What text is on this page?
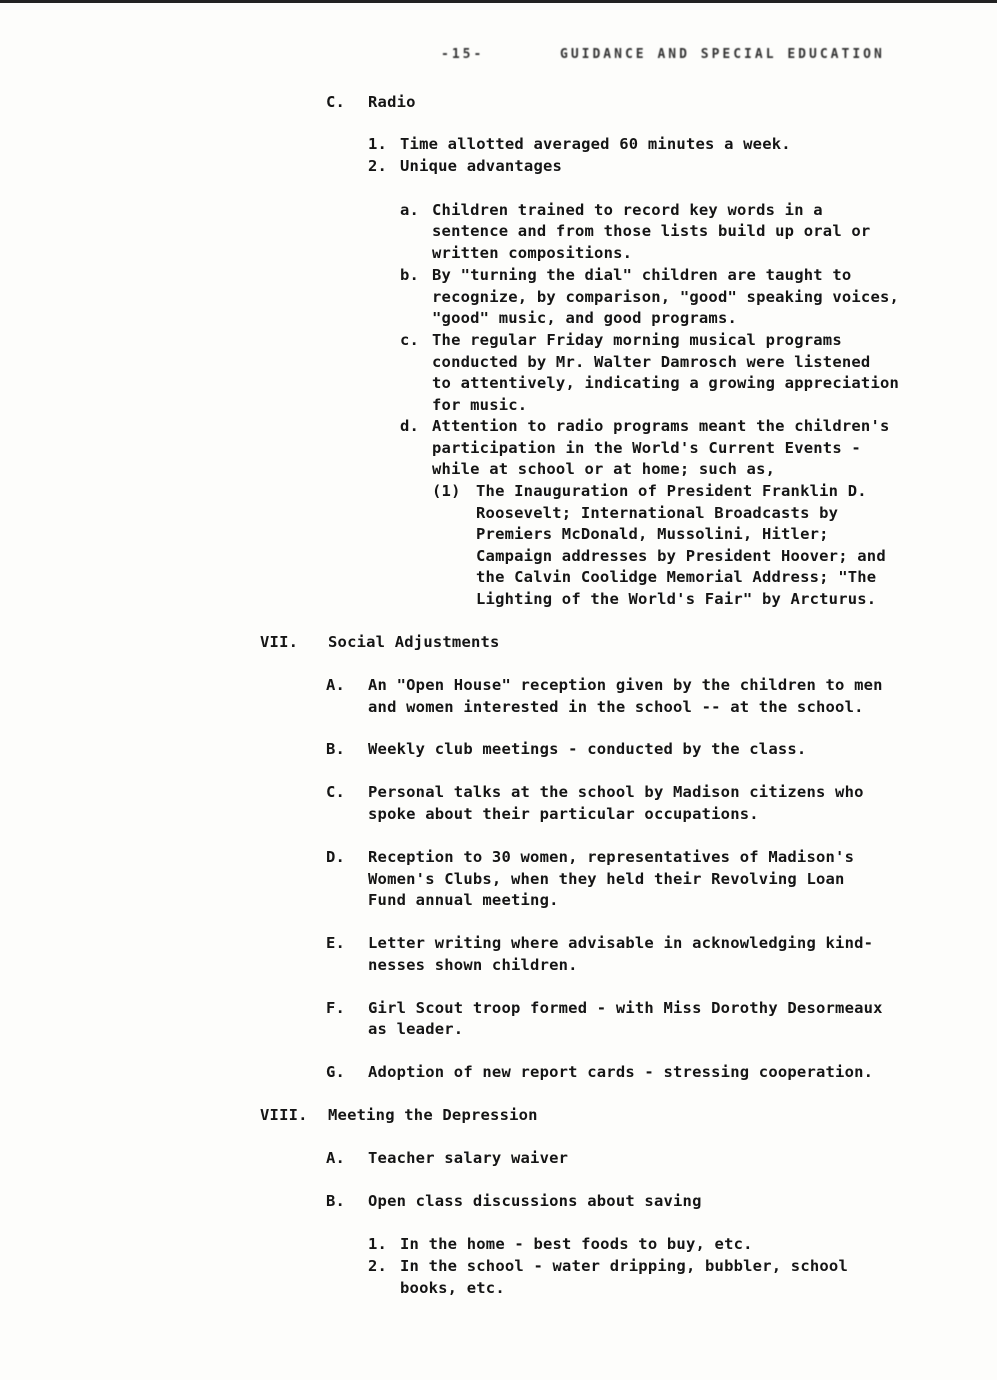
-15-	GUIDANCE AND SPECIAL EDUCATION
C. Radio
1. Time allotted averaged 60 minutes a week.
2. Unique advantages
a. Children trained to record key words in a
sentence and from those lists build up oral or
written compositions.
b. By "turning the dial" children are taught to
recognize, by comparison, "good" speaking voices,
"good" music, and good programs.
c. The regular Friday morning musical programs
conducted by Mr. Walter Damrosch were listened
to attentively, indicating a growing appreciation
for music.
d. Attention to radio programs meant the children's
participation in the World's Current Events -
while at school or at home; such as,
(1) The Inauguration of President Franklin D.
Roosevelt; International Broadcasts by
Premiers McDonald, Mussolini, Hitler;
Campaign addresses by President Hoover; and
the Calvin Coolidge Memorial Address; "The
Lighting of the World's Fair" by Arcturus.
VII. Social Adjustments
A. An "Open House" reception given by the children to men
and women interested in the school -- at the school.
B. Weekly club meetings - conducted by the class.
C. Personal talks at the school by Madison citizens who
spoke about their particular occupations.
D. Reception to 30 women, representatives of Madison's
Women's Clubs, when they held their Revolving Loan
Fund annual meeting.
E. Letter writing where advisable in acknowledging kind-
nesses shown children.
F. Girl Scout troop formed - with Miss Dorothy Desormeaux
as leader.
G. Adoption of new report cards - stressing cooperation.
VIII. Meeting the Depression
A. Teacher salary waiver
B. Open class discussions about saving
1. In the home - best foods to buy, etc.
2. In the school - water dripping, bubbler, school
books, etc.
